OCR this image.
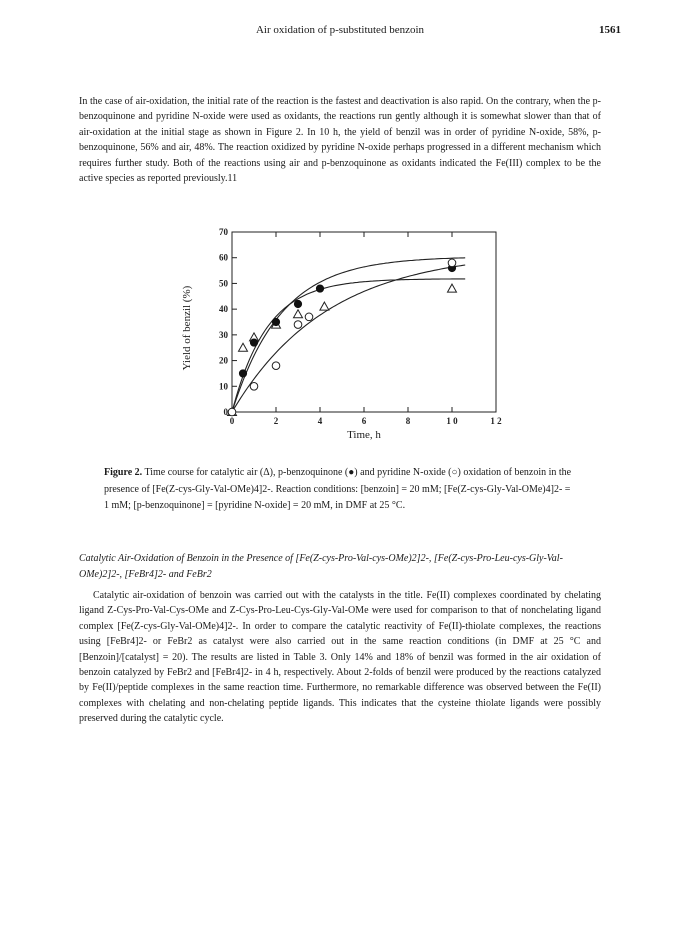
Air oxidation of p-substituted benzoin	1561
In the case of air-oxidation, the initial rate of the reaction is the fastest and deactivation is also rapid. On the contrary, when the p-benzoquinone and pyridine N-oxide were used as oxidants, the reactions run gently although it is somewhat slower than that of air-oxidation at the initial stage as shown in Figure 2. In 10 h, the yield of benzil was in order of pyridine N-oxide, 58%, p-benzoquinone, 56% and air, 48%. The reaction oxidized by pyridine N-oxide perhaps progressed in a different mechanism which requires further study. Both of the reactions using air and p-benzoquinone as oxidants indicated the Fe(III) complex to be the active species as reported previously.11
0	2	4	6	8	1 0	1 2
0
10
20
30
40
50
60
70
Time, h
Yield of benzil (%)
Figure 2. Time course for catalytic air (Δ), p-benzoquinone (●) and pyridine N-oxide (○) oxidation of benzoin in the presence of [Fe(Z-cys-Gly-Val-OMe)4]2-. Reaction conditions: [benzoin] = 20 mM; [Fe(Z-cys-Gly-Val-OMe)4]2- = 1 mM; [p-benzoquinone] = [pyridine N-oxide] = 20 mM, in DMF at 25 °C.
Catalytic Air-Oxidation of Benzoin in the Presence of [Fe(Z-cys-Pro-Val-cys-OMe)2]2-, [Fe(Z-cys-Pro-Leu-cys-Gly-Val-OMe)2]2-, [FeBr4]2- and FeBr2
Catalytic air-oxidation of benzoin was carried out with the catalysts in the title. Fe(II) complexes coordinated by chelating ligand Z-Cys-Pro-Val-Cys-OMe and Z-Cys-Pro-Leu-Cys-Gly-Val-OMe were used for comparison to that of nonchelating ligand complex [Fe(Z-cys-Gly-Val-OMe)4]2-. In order to compare the catalytic reactivity of Fe(II)-thiolate complexes, the reactions using [FeBr4]2- or FeBr2 as catalyst were also carried out in the same reaction conditions (in DMF at 25 °C and [Benzoin]/[catalyst] = 20). The results are listed in Table 3. Only 14% and 18% of benzil was formed in the air oxidation of benzoin catalyzed by FeBr2 and [FeBr4]2- in 4 h, respectively. About 2-folds of benzil were produced by the reactions catalyzed by Fe(II)/peptide complexes in the same reaction time. Furthermore, no remarkable difference was observed between the Fe(II) complexes with chelating and non-chelating peptide ligands. This indicates that the cysteine thiolate ligands were possibly preserved during the catalytic cycle.
